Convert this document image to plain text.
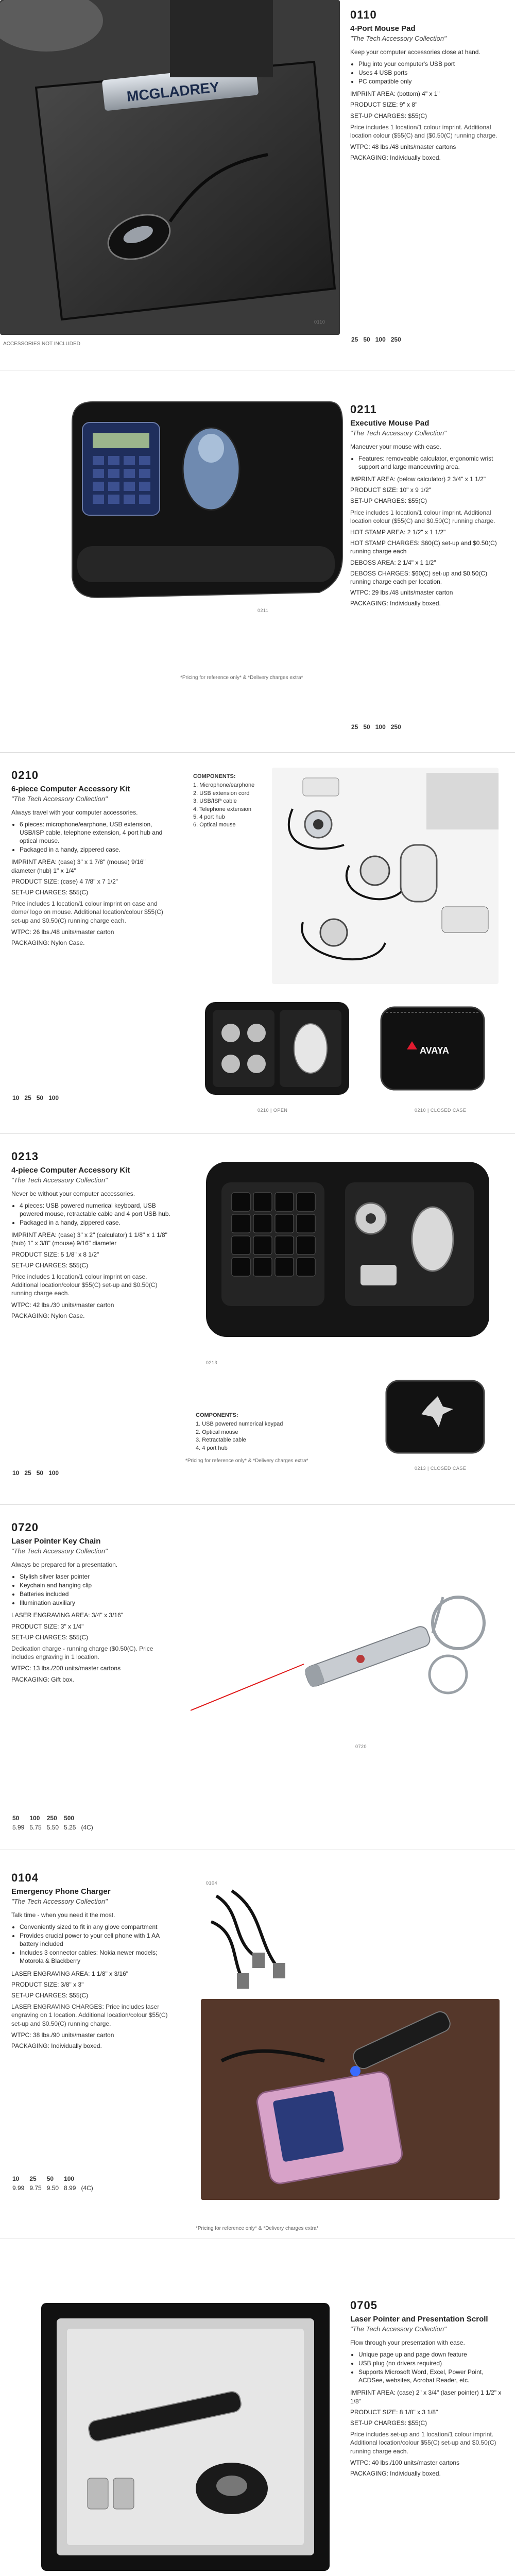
MCGLADREY
0110
ACCESSORIES NOT INCLUDED
0110
4-Port Mouse Pad
"The Tech Accessory Collection"
Keep your computer accessories close at hand.
• Plug into your computer's USB port
• Uses 4 USB ports
• PC compatible only
IMPRINT AREA: (bottom) 4" x 1"
PRODUCT SIZE: 9" x 8"
SET-UP CHARGES: $55(C)
Price includes 1 location/1 colour imprint. Additional location colour ($55(C) and ($0.50(C) running charge.
WTPC: 48 lbs./48 units/master cartons
PACKAGING: Individually boxed.
25	50	100	250

0211
*Pricing for reference only* & *Delivery charges extra*
0211
Executive Mouse Pad
"The Tech Accessory Collection"
Maneuver your mouse with ease.
• Features: removeable calculator, ergonomic wrist support and large manoeuvring area.
IMPRINT AREA: (below calculator) 2 3/4" x 1 1/2"
PRODUCT SIZE: 10" x 9 1/2"
SET-UP CHARGES: $55(C)
Price includes 1 location/1 colour imprint. Additional location colour ($55(C) and $0.50(C) running charge.
HOT STAMP AREA: 2 1/2" x 1 1/2"
HOT STAMP CHARGES: $60(C) set-up and $0.50(C) running charge each
DEBOSS AREA: 2 1/4" x 1 1/2"
DEBOSS CHARGES: $60(C) set-up and $0.50(C) running charge each per location.
WTPC: 29 lbs./48 units/master carton
PACKAGING: Individually boxed.
25	50	100	250

0210
6-piece Computer Accessory Kit
"The Tech Accessory Collection"
Always travel with your computer accessories.
• 6 pieces: microphone/earphone, USB extension, USB/ISP cable, telephone extension, 4 port hub and optical mouse.
• Packaged in a handy, zippered case.
IMPRINT AREA: (case) 3" x 1 7/8" (mouse) 9/16" diameter (hub) 1" x 1/4"
PRODUCT SIZE: (case) 4 7/8" x 7 1/2"
SET-UP CHARGES: $55(C)
Price includes 1 location/1 colour imprint on case and dome/ logo on mouse. Additional location/colour $55(C) set-up and $0.50(C) running charge each.
WTPC: 26 lbs./48 units/master carton
PACKAGING: Nylon Case.
COMPONENTS:
1. Microphone/earphone
2. USB extension cord
3. USB/ISP cable
4. Telephone extension
5. 4 port hub
6. Optical mouse
0210 | OPEN
AVAYA
0210 | CLOSED CASE
10	25	50	100

0213
4-piece Computer Accessory Kit
"The Tech Accessory Collection"
Never be without your computer accessories.
• 4 pieces: USB powered numerical keyboard, USB powered mouse, retractable cable and 4 port USB hub.
• Packaged in a handy, zippered case.
IMPRINT AREA: (case) 3" x 2" (calculator) 1 1/8" x 1 1/8" (hub) 1" x 3/8" (mouse) 9/16" diameter
PRODUCT SIZE: 5 1/8" x 8 1/2"
SET-UP CHARGES: $55(C)
Price includes 1 location/1 colour imprint on case. Additional location/colour $55(C) set-up and $0.50(C) running charge each.
WTPC: 42 lbs./30 units/master carton
PACKAGING: Nylon Case.
0213
COMPONENTS:
1. USB powered numerical keypad
2. Optical mouse
3. Retractable cable
4. 4 port hub
*Pricing for reference only* & *Delivery charges extra*
0213 | CLOSED CASE
10	25	50	100

0720
Laser Pointer Key Chain
"The Tech Accessory Collection"
Always be prepared for a presentation.
• Stylish silver laser pointer
• Keychain and hanging clip
• Batteries included
• Illumination auxiliary
LASER ENGRAVING AREA: 3/4" x 3/16"
PRODUCT SIZE: 3" x 1/4"
SET-UP CHARGES: $55(C)
Dedication charge - running charge ($0.50(C). Price includes engraving in 1 location.
WTPC: 13 lbs./200 units/master cartons
PACKAGING: Gift box.
0720
50	100	250	500	
5.99	5.75	5.50	5.25	(4C)
0104
Emergency Phone Charger
"The Tech Accessory Collection"
Talk time - when you need it the most.
• Conveniently sized to fit in any glove compartment
• Provides crucial power to your cell phone with 1 AA battery included
• Includes 3 connector cables: Nokia newer models; Motorola & Blackberry
LASER ENGRAVING AREA: 1 1/8" x 3/16"
PRODUCT SIZE: 3/8" x 3"
SET-UP CHARGES: $55(C)
LASER ENGRAVING CHARGES: Price includes laser engraving on 1 location. Additional location/colour $55(C) set-up and $0.50(C) running charge.
WTPC: 38 lbs./90 units/master carton
PACKAGING: Individually boxed.
0104
10	25	50	100	
9.99	9.75	9.50	8.99	(4C)
*Pricing for reference only* & *Delivery charges extra*
0705
Laser Pointer and Presentation Scroll
"The Tech Accessory Collection"
Flow through your presentation with ease.
• Unique page up and page down feature
• USB plug (no drivers required)
• Supports Microsoft Word, Excel, Power Point, ACDSee, websites, Acrobat Reader, etc.
IMPRINT AREA: (case) 2" x 3/4" (laser pointer) 1 1/2" x 1/8"
PRODUCT SIZE: 8 1/8" x 3 1/8"
SET-UP CHARGES: $55(C)
Price includes set-up and 1 location/1 colour imprint. Additional location/colour $55(C) set-up and $0.50(C) running charge each.
WTPC: 40 lbs./100 units/master cartons
PACKAGING: Individually boxed.
